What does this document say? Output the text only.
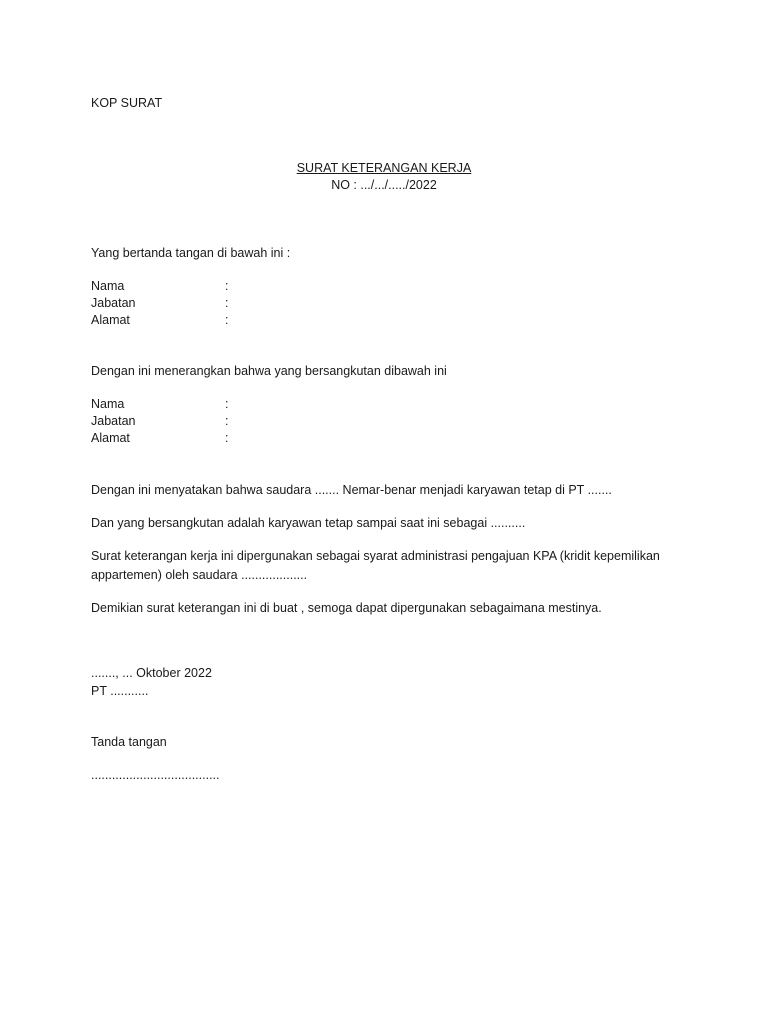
KOP SURAT
SURAT KETERANGAN KERJA
NO : .../.../...../2022
Yang bertanda tangan di bawah ini :
Nama	:	
Jabatan	:	
Alamat	:	
Dengan ini menerangkan bahwa yang bersangkutan dibawah ini
Nama	:	
Jabatan	:	
Alamat	:	
Dengan ini menyatakan bahwa saudara ....... Nemar-benar menjadi karyawan tetap di PT .......
Dan yang bersangkutan adalah karyawan tetap sampai saat ini sebagai ..........
Surat keterangan kerja ini dipergunakan sebagai syarat administrasi pengajuan KPA (kridit kepemilikan appartemen) oleh saudara ...................
Demikian surat keterangan ini di buat , semoga dapat dipergunakan sebagaimana mestinya.
......., ... Oktober 2022
PT ...........
Tanda tangan
.....................................
